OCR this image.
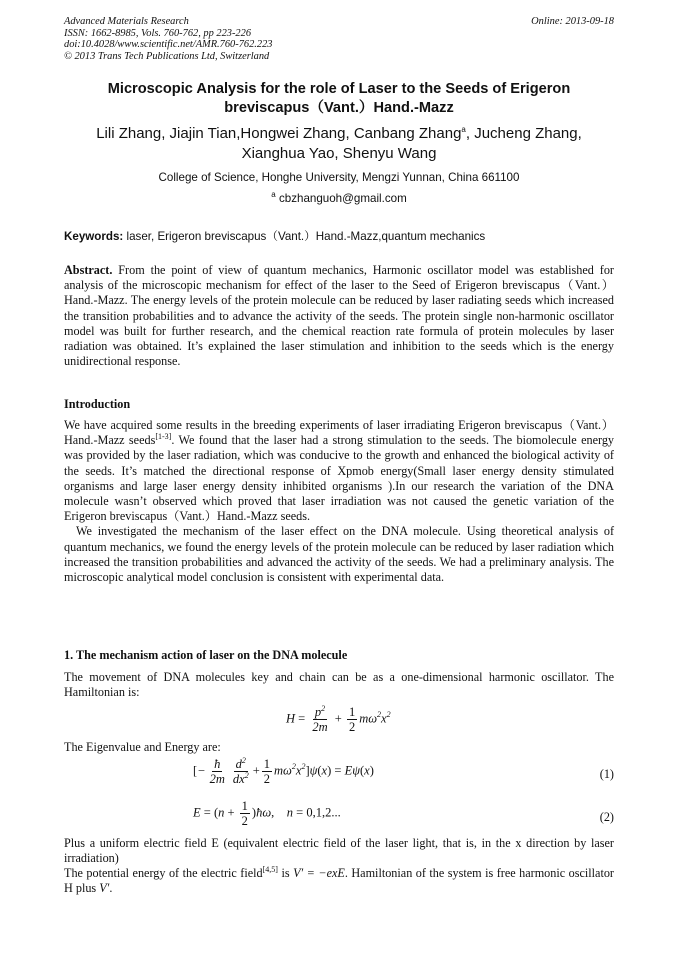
Advanced Materials Research
ISSN: 1662-8985, Vols. 760-762, pp 223-226
doi:10.4028/www.scientific.net/AMR.760-762.223
© 2013 Trans Tech Publications Ltd, Switzerland
Online: 2013-09-18
Microscopic Analysis for the role of Laser to the Seeds of Erigeron
breviscapus（Vant.）Hand.-Mazz
Lili Zhang, Jiajin Tian,Hongwei Zhang, Canbang Zhang$^a$, Jucheng Zhang,
Xianghua Yao, Shenyu Wang
College of Science, Honghe University, Mengzi Yunnan, China 661100
$^a$ cbzhanguoh@gmail.com
Keywords: laser, Erigeron breviscapus（Vant.）Hand.-Mazz,quantum mechanics

Abstract. From the point of view of quantum mechanics, Harmonic oscillator model was established for analysis of the microscopic mechanism for effect of the laser to the Seed of Erigeron breviscapus（Vant.）Hand.-Mazz. The energy levels of the protein molecule can be reduced by laser radiating seeds which increased the transition probabilities and to advance the activity of the seeds. The protein single non-harmonic oscillator model was built for further research, and the chemical reaction rate formula of protein molecules by laser radiation was obtained. It’s explained the laser stimulation and inhibition to the seeds which is the energy unidirectional response.

Introduction

We have acquired some results in the breeding experiments of laser irradiating Erigeron breviscapus（Vant.）Hand.-Mazz seeds[1-3]. We found that the laser had a strong stimulation to the seeds. The biomolecule energy was provided by the laser radiation, which was conducive to the growth and enhanced the biological activity of the seeds. It’s matched the directional response of Xpmob energy(Small laser energy density stimulated organisms and large laser energy density inhibited organisms ).In our research the variation of the DNA molecule wasn’t observed which proved that laser irradiation was not caused the genetic variation of the Erigeron breviscapus（Vant.）Hand.-Mazz seeds.

We investigated the mechanism of the laser effect on the DNA molecule. Using theoretical analysis of quantum mechanics, we found the energy levels of the protein molecule can be reduced by laser radiation which increased the transition probabilities and advanced the activity of the seeds. We had a preliminary analysis. The microscopic analytical model conclusion is consistent with experimental data.

1. The mechanism action of laser on the DNA molecule
The movement of DNA molecules key and chain can be as a one-dimensional harmonic oscillator. The Hamiltonian is:
$H = \frac{p^2}{2m} + \frac{1}{2} m\omega^2x^2$
The Eigenvalue and Energy are:
[− $\frac{ħ}{2m} \frac{d^2}{dx^2} + \frac{1}{2} m\omega^2x^2]\psi(x) = E\psi(x)$	(1)
$E = (n + \frac{1}{2}$ )ħω,    n = 0,1,2...	(2)
Plus a uniform electric field E (equivalent electric field of the laser light, that is, in the x direction by laser irradiation)
The potential energy of the electric field[4,5] is V′ = −exE. Hamiltonian of the system is free harmonic oscillator H plus V′.
